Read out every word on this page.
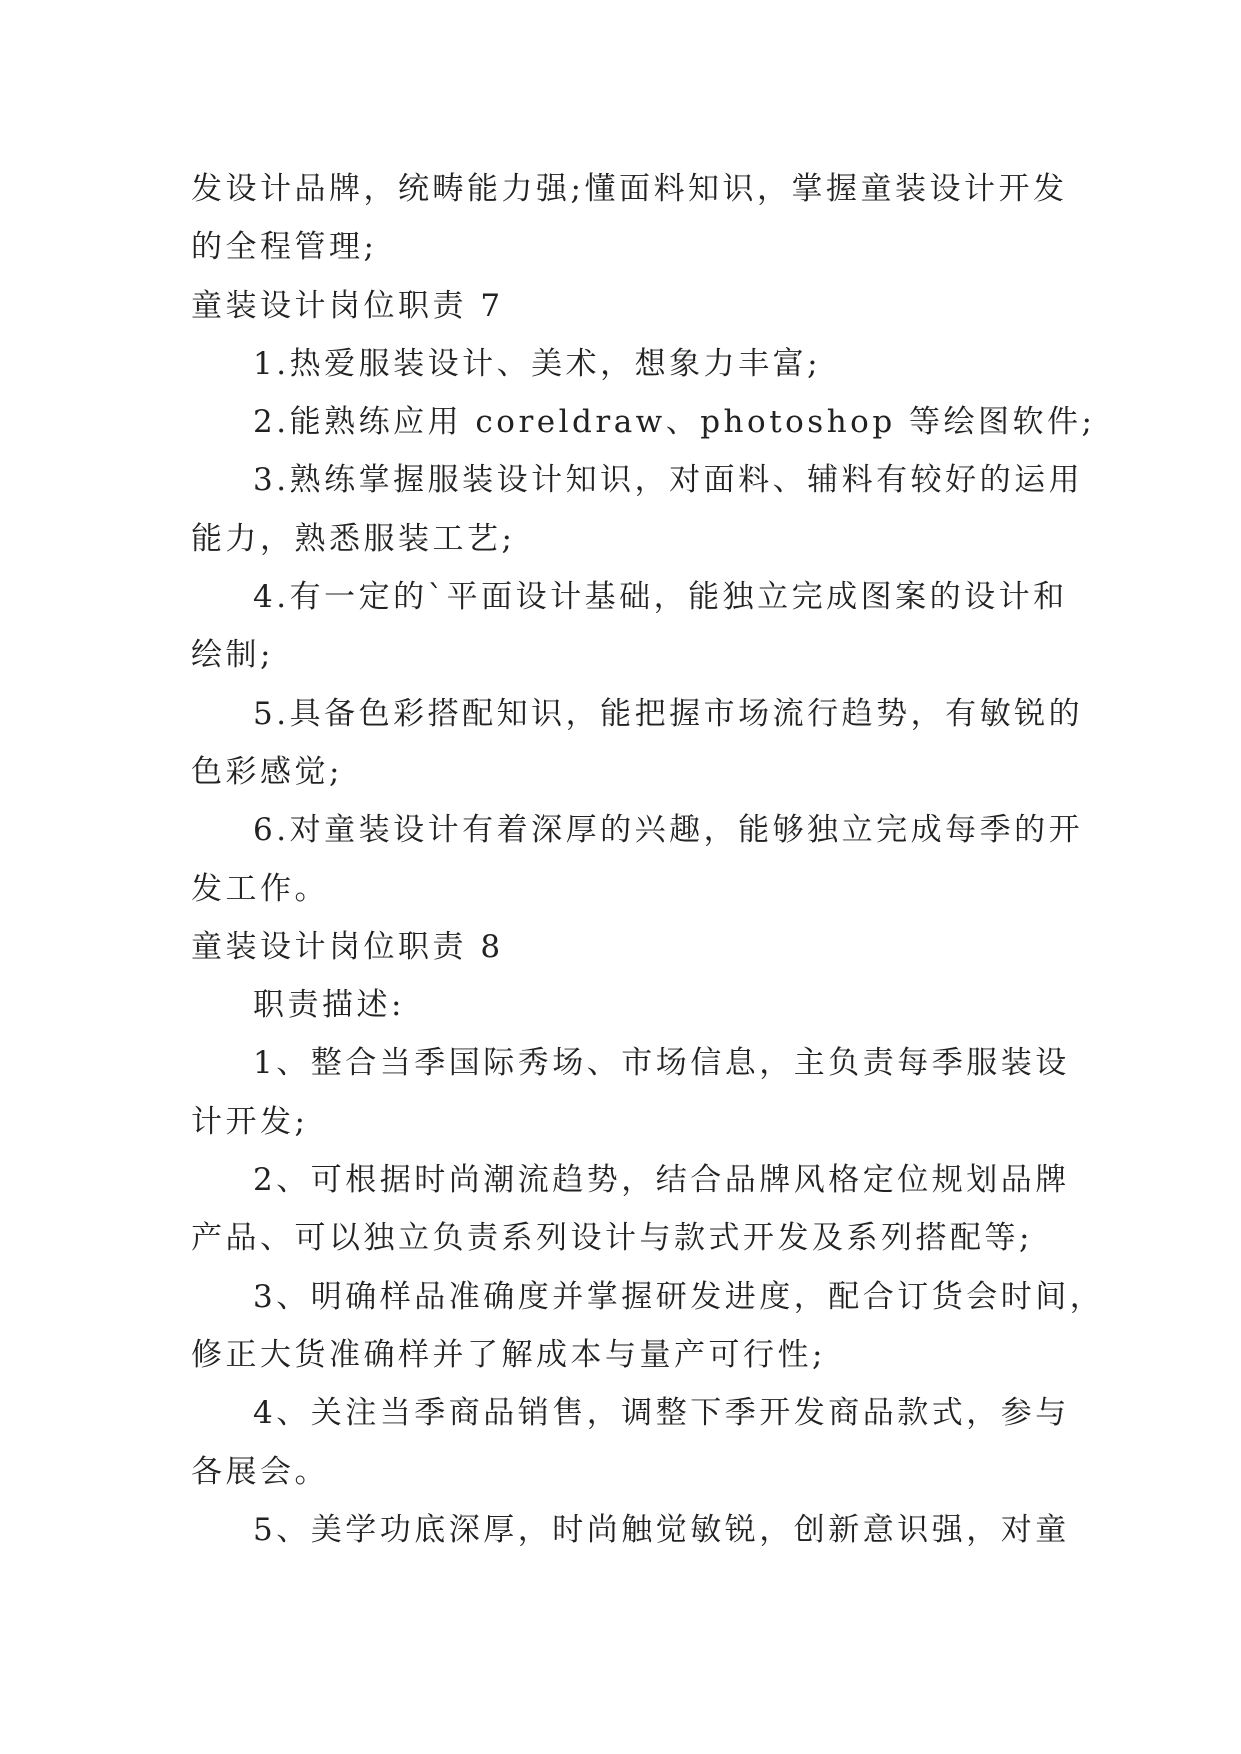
发设计品牌，统畴能力强;懂面料知识，掌握童装设计开发
的全程管理;
童装设计岗位职责 7
1.热爱服装设计、美术，想象力丰富;
2.能熟练应用 coreldraw、photoshop 等绘图软件;
3.熟练掌握服装设计知识，对面料、辅料有较好的运用
能力，熟悉服装工艺;
4.有一定的`平面设计基础，能独立完成图案的设计和
绘制;
5.具备色彩搭配知识，能把握市场流行趋势，有敏锐的
色彩感觉;
6.对童装设计有着深厚的兴趣，能够独立完成每季的开
发工作。
童装设计岗位职责 8
职责描述:
1、整合当季国际秀场、市场信息，主负责每季服装设
计开发;
2、可根据时尚潮流趋势，结合品牌风格定位规划品牌
产品、可以独立负责系列设计与款式开发及系列搭配等;
3、明确样品准确度并掌握研发进度，配合订货会时间，
修正大货准确样并了解成本与量产可行性;
4、关注当季商品销售，调整下季开发商品款式，参与
各展会。
5、美学功底深厚，时尚触觉敏锐，创新意识强，对童
